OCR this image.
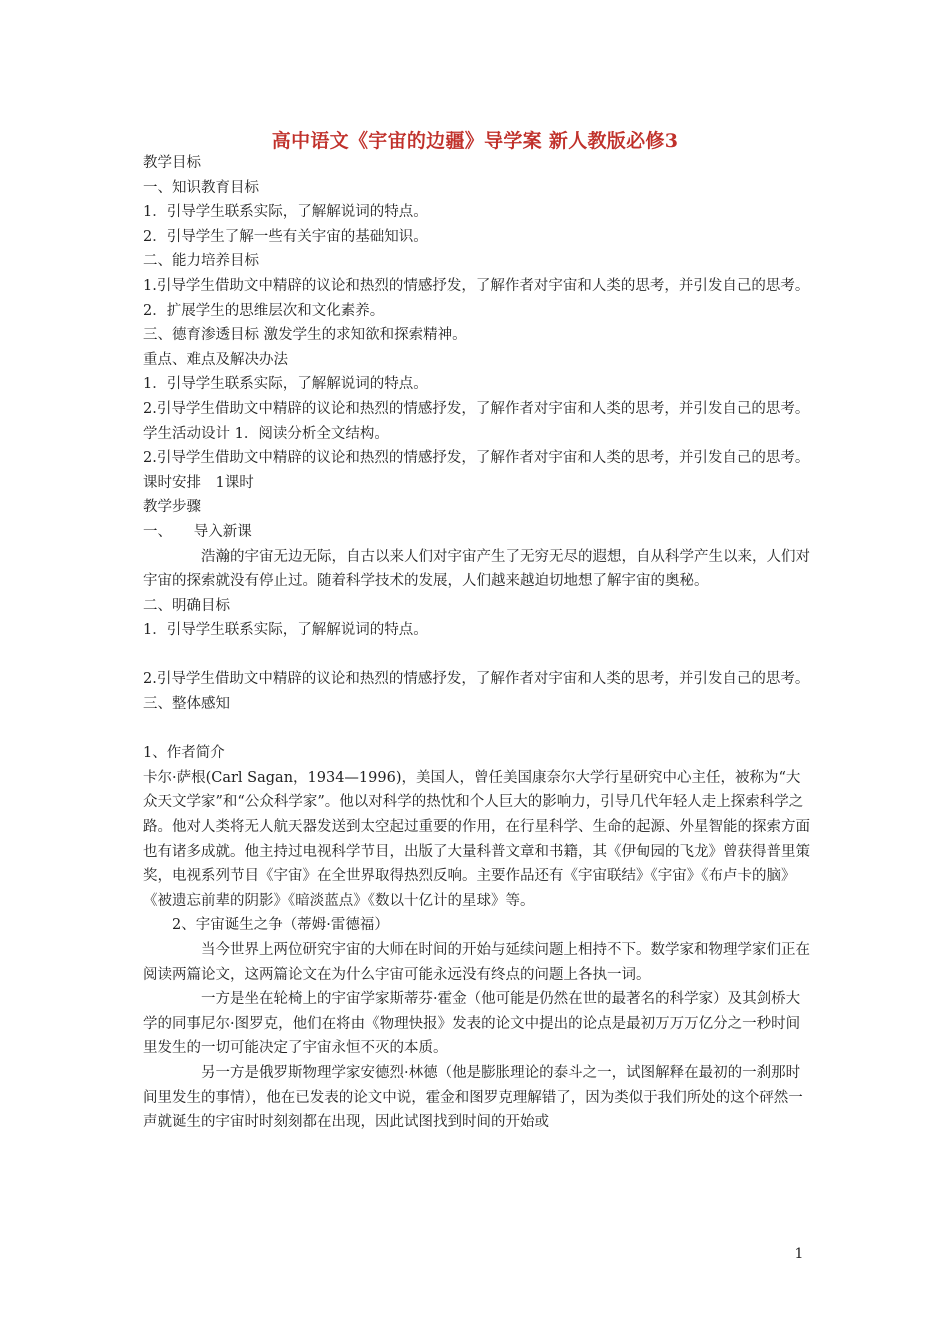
高中语文《宇宙的边疆》导学案 新人教版必修3

教学目标

一、知识教育目标

1．引导学生联系实际，了解解说词的特点。

2．引导学生了解一些有关宇宙的基础知识。

二、能力培养目标

1.引导学生借助文中精辟的议论和热烈的情感抒发，了解作者对宇宙和人类的思考，并引发自己的思考。　2．扩展学生的思维层次和文化素养。

三、德育渗透目标 激发学生的求知欲和探索精神。

重点、难点及解决办法

1．引导学生联系实际，了解解说词的特点。

2.引导学生借助文中精辟的议论和热烈的情感抒发，了解作者对宇宙和人类的思考，并引发自己的思考。　学生活动设计 1．阅读分析全文结构。

2.引导学生借助文中精辟的议论和热烈的情感抒发，了解作者对宇宙和人类的思考，并引发自己的思考。　课时安排　1课时

教学步骤

一、　　导入新课

浩瀚的宇宙无边无际，自古以来人们对宇宙产生了无穷无尽的遐想，自从科学产生以来，人们对宇宙的探索就没有停止过。随着科学技术的发展，人们越来越迫切地想了解宇宙的奥秘。

二、明确目标

1．引导学生联系实际，了解解说词的特点。

2.引导学生借助文中精辟的议论和热烈的情感抒发，了解作者对宇宙和人类的思考，并引发自己的思考。　三、整体感知

1、作者简介

卡尔·萨根(Carl Sagan，1934—1996)，美国人，曾任美国康奈尔大学行星研究中心主任，被称为“大众天文学家”和“公众科学家”。他以对科学的热忱和个人巨大的影响力，引导几代年轻人走上探索科学之路。他对人类将无人航天器发送到太空起过重要的作用，在行星科学、生命的起源、外星智能的探索方面也有诸多成就。他主持过电视科学节目，出版了大量科普文章和书籍，其《伊甸园的飞龙》曾获得普里策奖，电视系列节目《宇宙》在全世界取得热烈反响。主要作品还有《宇宙联结》《宇宙》《布卢卡的脑》《被遗忘前辈的阴影》《暗淡蓝点》《数以十亿计的星球》等。

2、宇宙诞生之争（蒂姆·雷德福）

当今世界上两位研究宇宙的大师在时间的开始与延续问题上相持不下。数学家和物理学家们正在阅读两篇论文，这两篇论文在为什么宇宙可能永远没有终点的问题上各执一词。

一方是坐在轮椅上的宇宙学家斯蒂芬·霍金（他可能是仍然在世的最著名的科学家）及其剑桥大学的同事尼尔·图罗克，他们在将由《物理快报》发表的论文中提出的论点是最初万万万亿分之一秒时间里发生的一切可能决定了宇宙永恒不灭的本质。

另一方是俄罗斯物理学家安德烈·林德（他是膨胀理论的泰斗之一，试图解释在最初的一刹那时间里发生的事情），他在已发表的论文中说，霍金和图罗克理解错了，因为类似于我们所处的这个砰然一声就诞生的宇宙时时刻刻都在出现，因此试图找到时间的开始或

1
